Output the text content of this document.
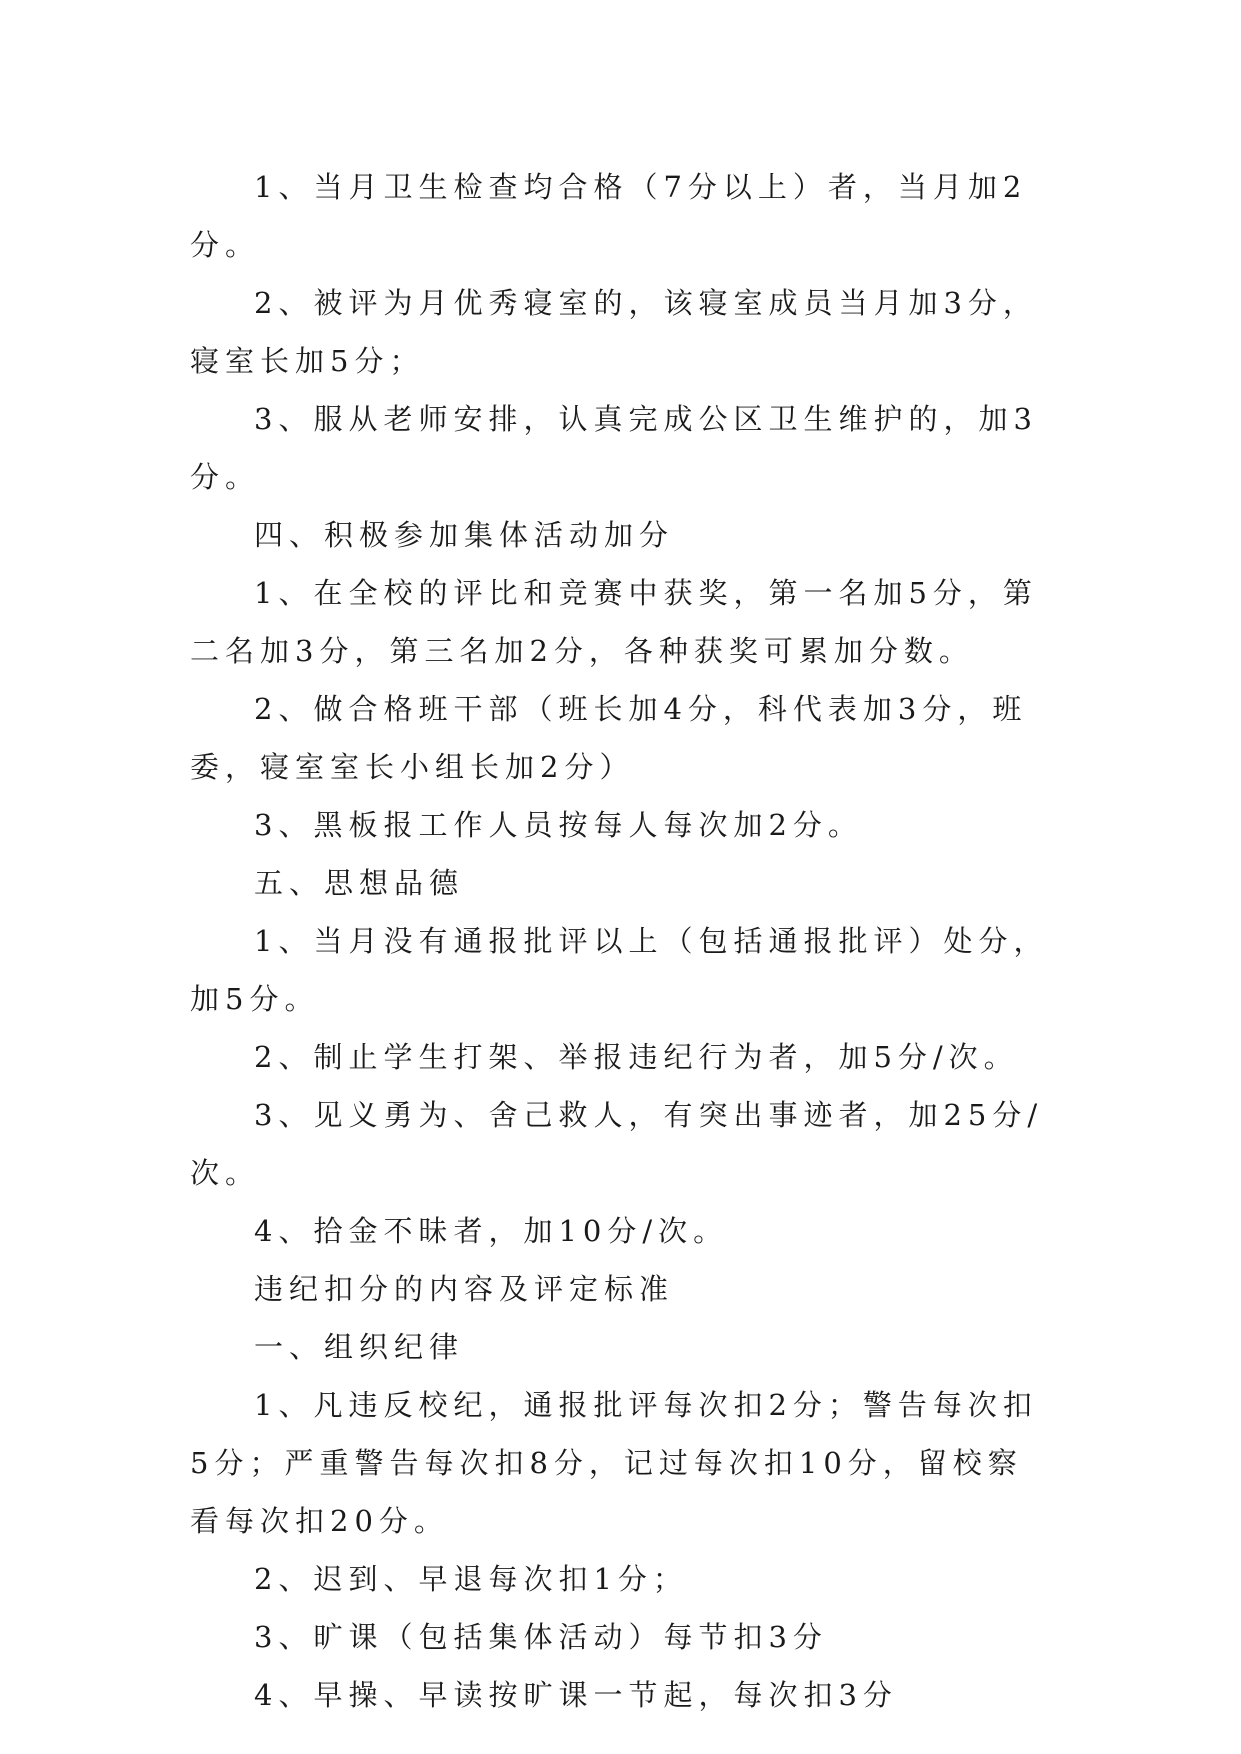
1、当月卫生检查均合格（7分以上）者，当月加2分。

2、被评为月优秀寝室的，该寝室成员当月加3分，寝室长加5分；

3、服从老师安排，认真完成公区卫生维护的，加3分。

四、积极参加集体活动加分

1、在全校的评比和竞赛中获奖，第一名加5分，第二名加3分，第三名加2分，各种获奖可累加分数。

2、做合格班干部（班长加4分，科代表加3分，班委，寝室室长小组长加2分）

3、黑板报工作人员按每人每次加2分。

五、思想品德

1、当月没有通报批评以上（包括通报批评）处分，加5分。

2、制止学生打架、举报违纪行为者，加5分/次。

3、见义勇为、舍己救人，有突出事迹者，加25分/次。

4、拾金不昧者，加10分/次。

违纪扣分的内容及评定标准

一、组织纪律

1、凡违反校纪，通报批评每次扣2分；警告每次扣5分；严重警告每次扣8分，记过每次扣10分，留校察看每次扣20分。

2、迟到、早退每次扣1分；

3、旷课（包括集体活动）每节扣3分

4、早操、早读按旷课一节起，每次扣3分
